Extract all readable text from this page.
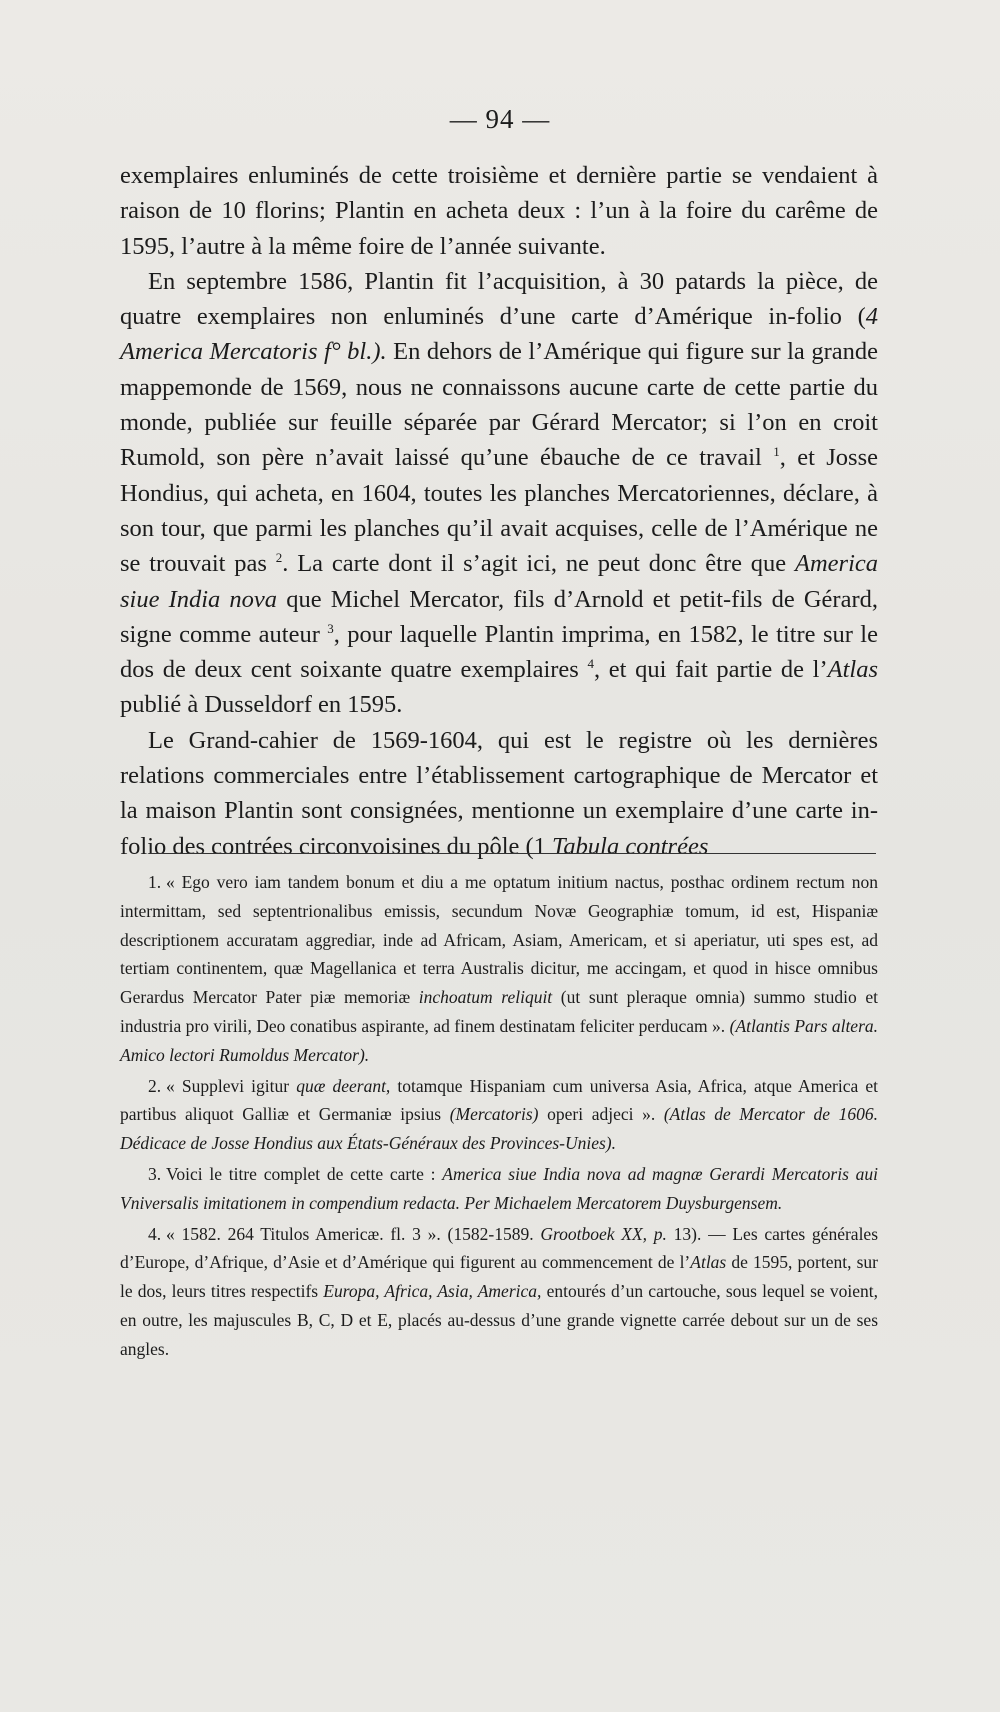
— 94 —

exemplaires enluminés de cette troisième et dernière partie se vendaient à raison de 10 florins; Plantin en acheta deux : l’un à la foire du carême de 1595, l’autre à la même foire de l’année suivante.

En septembre 1586, Plantin fit l’acquisition, à 30 patards la pièce, de quatre exemplaires non enluminés d’une carte d’Amérique in-folio (4 America Mercatoris f° bl.). En dehors de l’Amérique qui figure sur la grande mappemonde de 1569, nous ne connaissons aucune carte de cette partie du monde, publiée sur feuille séparée par Gérard Mercator; si l’on en croit Rumold, son père n’avait laissé qu’une ébauche de ce travail $^1$, et Josse Hondius, qui acheta, en 1604, toutes les planches Mercatoriennes, déclare, à son tour, que parmi les planches qu’il avait acquises, celle de l’Amérique ne se trouvait pas $^2$. La carte dont il s’agit ici, ne peut donc être que America siue India nova que Michel Mercator, fils d’Arnold et petit-fils de Gérard, signe comme auteur $^3$, pour laquelle Plantin imprima, en 1582, le titre sur le dos de deux cent soixante quatre exemplaires $^4$, et qui fait partie de l’Atlas publié à Dusseldorf en 1595.

Le Grand-cahier de 1569-1604, qui est le registre où les dernières relations commerciales entre l’établissement cartographique de Mercator et la maison Plantin sont consignées, mentionne un exemplaire d’une carte in-folio des contrées circonvoisines du pôle (1 Tabula contrées

1. « Ego vero iam tandem bonum et diu a me optatum initium nactus, posthac ordinem rectum non intermittam, sed septentrionalibus emissis, secundum Novæ Geographiæ tomum, id est, Hispaniæ descriptionem accuratam aggrediar, inde ad Africam, Asiam, Americam, et si aperiatur, uti spes est, ad tertiam continentem, quæ Magellanica et terra Australis dicitur, me accingam, et quod in hisce omnibus Gerardus Mercator Pater piæ memoriæ inchoatum reliquit (ut sunt pleraque omnia) summo studio et industria pro virili, Deo conatibus aspirante, ad finem destinatam feliciter perducam ». (Atlantis Pars altera. Amico lectori Rumoldus Mercator).

2. « Supplevi igitur quæ deerant, totamque Hispaniam cum universa Asia, Africa, atque America et partibus aliquot Galliæ et Germaniæ ipsius (Mercatoris) operi adjeci ». (Atlas de Mercator de 1606. Dédicace de Josse Hondius aux États-Généraux des Provinces-Unies).

3. Voici le titre complet de cette carte : America siue India nova ad magnæ Gerardi Mercatoris aui Vniversalis imitationem in compendium redacta. Per Michaelem Mercatorem Duysburgensem.

4. « 1582. 264 Titulos Americæ. fl. 3 ». (1582-1589. Grootboek XX, p. 13). — Les cartes générales d’Europe, d’Afrique, d’Asie et d’Amérique qui figurent au commencement de l’Atlas de 1595, portent, sur le dos, leurs titres respectifs Europa, Africa, Asia, America, entourés d’un cartouche, sous lequel se voient, en outre, les majuscules B, C, D et E, placés au-dessus d’une grande vignette carrée debout sur un de ses angles.
